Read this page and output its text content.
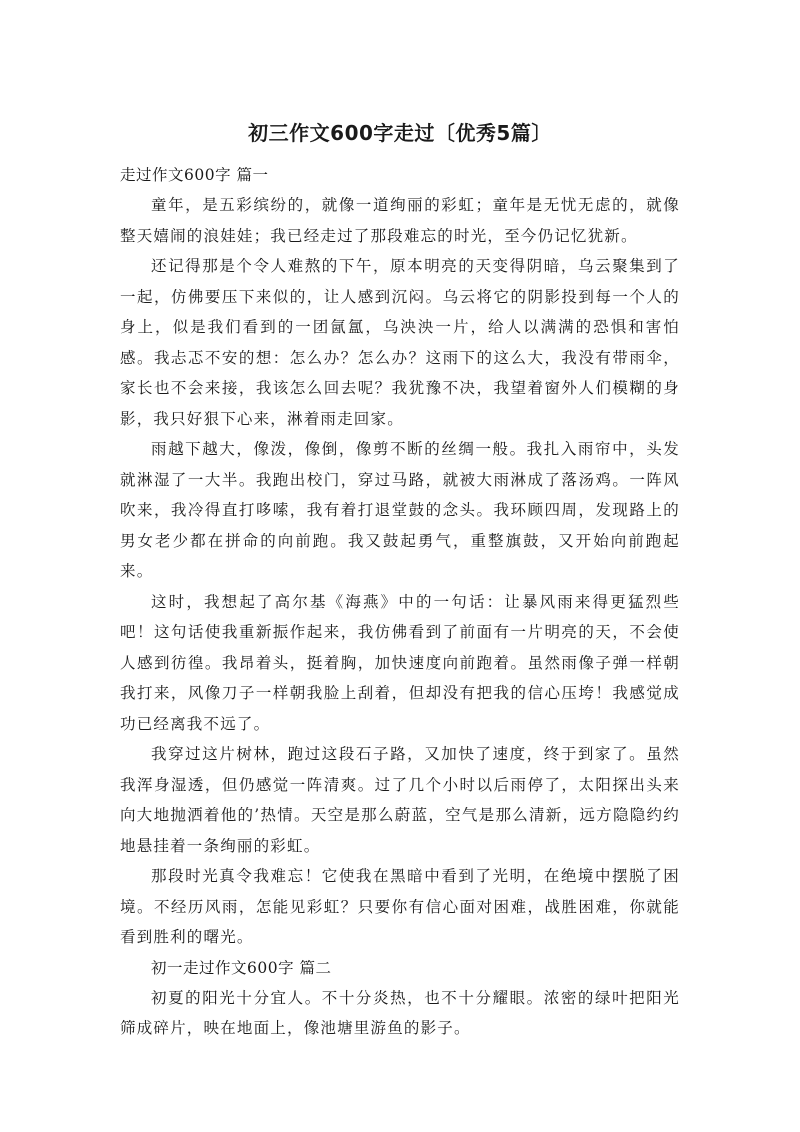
初三作文600字走过〔优秀5篇〕

走过作文600字 篇一

童年，是五彩缤纷的，就像一道绚丽的彩虹；童年是无忧无虑的，就像整天嬉闹的浪娃娃；我已经走过了那段难忘的时光，至今仍记忆犹新。

还记得那是个令人难熬的下午，原本明亮的天变得阴暗，乌云聚集到了一起，仿佛要压下来似的，让人感到沉闷。乌云将它的阴影投到每一个人的身上，似是我们看到的一团氤氲，乌泱泱一片，给人以满满的恐惧和害怕感。我忐忑不安的想：怎么办？怎么办？这雨下的这么大，我没有带雨伞，家长也不会来接，我该怎么回去呢？我犹豫不决，我望着窗外人们模糊的身影，我只好狠下心来，淋着雨走回家。

雨越下越大，像泼，像倒，像剪不断的丝绸一般。我扎入雨帘中，头发就淋湿了一大半。我跑出校门，穿过马路，就被大雨淋成了落汤鸡。一阵风吹来，我冷得直打哆嗦，我有着打退堂鼓的念头。我环顾四周，发现路上的男女老少都在拼命的向前跑。我又鼓起勇气，重整旗鼓，又开始向前跑起来。

这时，我想起了高尔基《海燕》中的一句话：让暴风雨来得更猛烈些吧！这句话使我重新振作起来，我仿佛看到了前面有一片明亮的天，不会使人感到彷徨。我昂着头，挺着胸，加快速度向前跑着。虽然雨像子弹一样朝我打来，风像刀子一样朝我脸上刮着，但却没有把我的信心压垮！我感觉成功已经离我不远了。

我穿过这片树林，跑过这段石子路，又加快了速度，终于到家了。虽然我浑身湿透，但仍感觉一阵清爽。过了几个小时以后雨停了，太阳探出头来向大地抛洒着他的’热情。天空是那么蔚蓝，空气是那么清新，远方隐隐约约地悬挂着一条绚丽的彩虹。

那段时光真令我难忘！它使我在黑暗中看到了光明，在绝境中摆脱了困境。不经历风雨，怎能见彩虹？只要你有信心面对困难，战胜困难，你就能看到胜利的曙光。

初一走过作文600字 篇二

初夏的阳光十分宜人。不十分炎热，也不十分耀眼。浓密的绿叶把阳光筛成碎片，映在地面上，像池塘里游鱼的影子。
